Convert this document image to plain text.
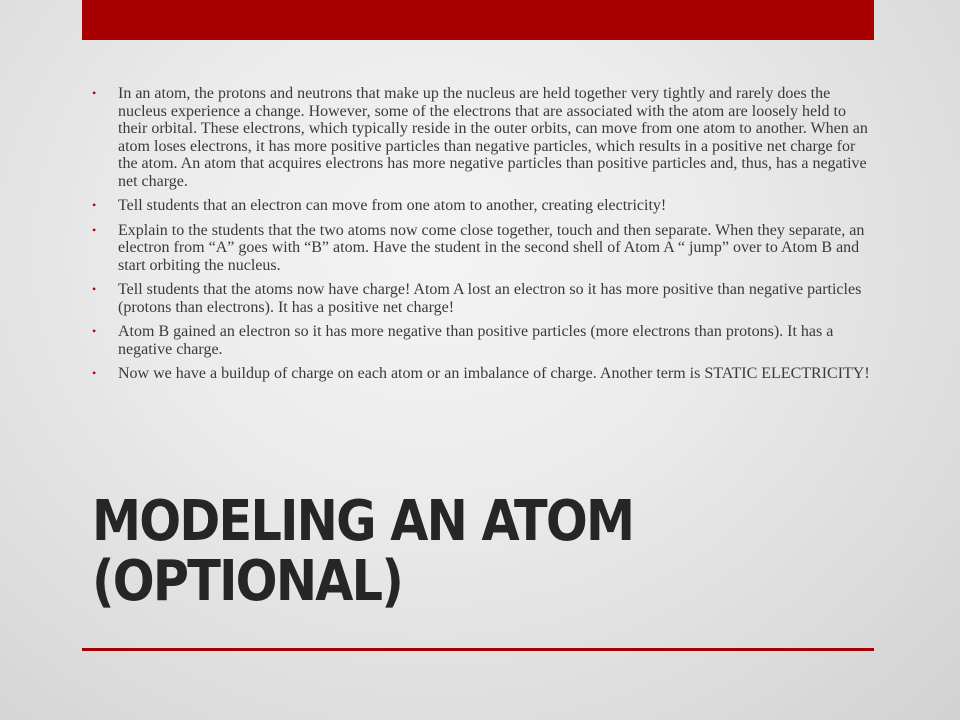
• In an atom, the protons and neutrons that make up the nucleus are held together very tightly and rarely does the nucleus experience a change. However, some of the electrons that are associated with the atom are loosely held to their orbital. These electrons, which typically reside in the outer orbits, can move from one atom to another. When an atom loses electrons, it has more positive particles than negative particles, which results in a positive net charge for the atom. An atom that acquires electrons has more negative particles than positive particles and, thus, has a negative net charge.
• Tell students that an electron can move from one atom to another, creating electricity!
• Explain to the students that the two atoms now come close together, touch and then separate. When they separate, an electron from “A” goes with “B” atom. Have the student in the second shell of Atom A “ jump” over to Atom B and start orbiting the nucleus.
• Tell students that the atoms now have charge! Atom A lost an electron so it has more positive than negative particles (protons than electrons). It has a positive net charge!
• Atom B gained an electron so it has more negative than positive particles (more electrons than protons). It has a negative charge.
• Now we have a buildup of charge on each atom or an imbalance of charge. Another term is STATIC ELECTRICITY!
MODELING AN ATOM
(OPTIONAL)
